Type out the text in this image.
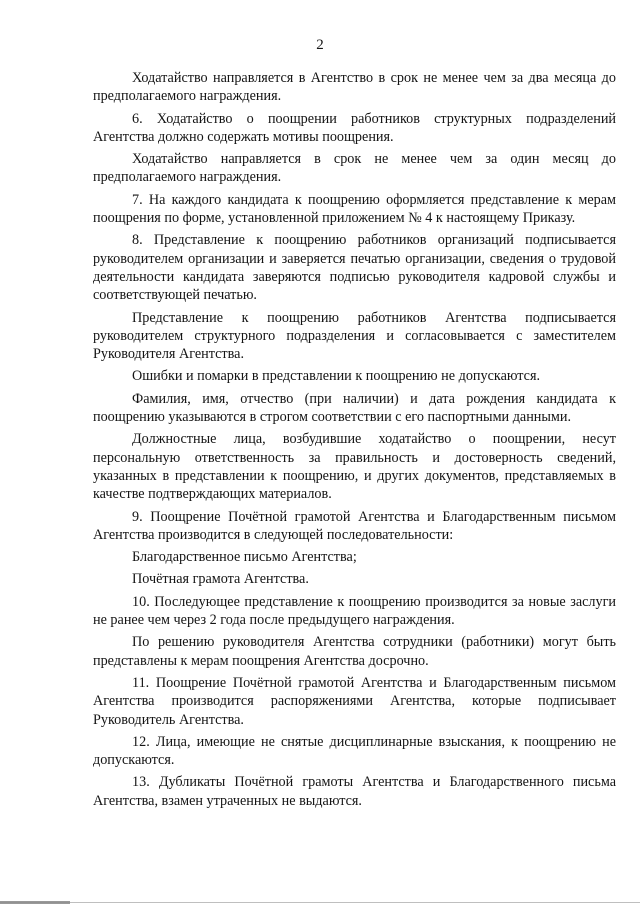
2

Ходатайство направляется в Агентство в срок не менее чем за два месяца до предполагаемого награждения.

6. Ходатайство о поощрении работников структурных подразделений Агентства должно содержать мотивы поощрения.

Ходатайство направляется в срок не менее чем за один месяц до предполагаемого награждения.

7. На каждого кандидата к поощрению оформляется представление к мерам поощрения по форме, установленной приложением № 4 к настоящему Приказу.

8. Представление к поощрению работников организаций подписывается руководителем организации и заверяется печатью организации, сведения о трудовой деятельности кандидата заверяются подписью руководителя кадровой службы и соответствующей печатью.

Представление к поощрению работников Агентства подписывается руководителем структурного подразделения и согласовывается с заместителем Руководителя Агентства.

Ошибки и помарки в представлении к поощрению не допускаются.

Фамилия, имя, отчество (при наличии) и дата рождения кандидата к поощрению указываются в строгом соответствии с его паспортными данными.

Должностные лица, возбудившие ходатайство о поощрении, несут персональную ответственность за правильность и достоверность сведений, указанных в представлении к поощрению, и других документов, представляемых в качестве подтверждающих материалов.

9. Поощрение Почётной грамотой Агентства и Благодарственным письмом Агентства производится в следующей последовательности:

Благодарственное письмо Агентства;

Почётная грамота Агентства.

10. Последующее представление к поощрению производится за новые заслуги не ранее чем через 2 года после предыдущего награждения.

По решению руководителя Агентства сотрудники (работники) могут быть представлены к мерам поощрения Агентства досрочно.

11. Поощрение Почётной грамотой Агентства и Благодарственным письмом Агентства производится распоряжениями Агентства, которые подписывает Руководитель Агентства.

12. Лица, имеющие не снятые дисциплинарные взыскания, к поощрению не допускаются.

13. Дубликаты Почётной грамоты Агентства и Благодарственного письма Агентства, взамен утраченных не выдаются.
